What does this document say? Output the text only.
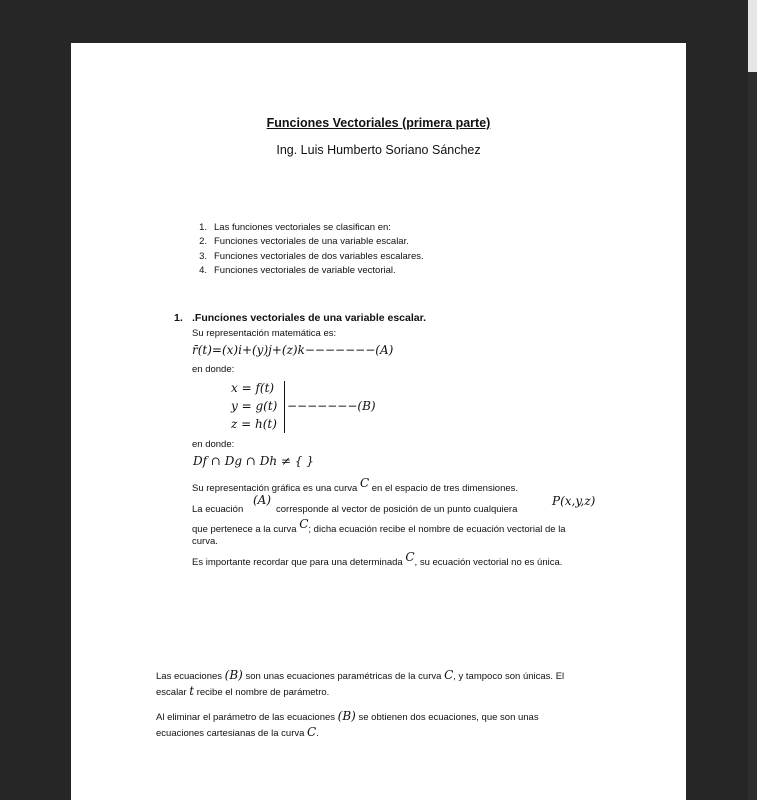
Funciones Vectoriales (primera parte)
Ing. Luis Humberto Soriano Sánchez
1. Las funciones vectoriales se clasifican en:
2. Funciones vectoriales de una variable escalar.
3. Funciones vectoriales de dos variables escalares.
4. Funciones vectoriales de variable vectorial.
1. .Funciones vectoriales de una variable escalar.
Su representación matemática es:
r̄(t)=(x)i+(y)j+(z)k−−−−−−−(A)
en donde:
x = f(t)
y = g(t)
z = h(t)
−−−−−−−(B)
en donde:
Df ∩ Dg ∩ Dh ≠ { }
Su representación gráfica es una curva C en el espacio de tres dimensiones.
La ecuación
(A)
corresponde al vector de posición de un punto cualquiera
P(x,y,z)
que pertenece a la curva C; dicha ecuación recibe el nombre de ecuación vectorial de la
curva.
Es importante recordar que para una determinada C, su ecuación vectorial no es única.
Las ecuaciones (B) son unas ecuaciones paramétricas de la curva C, y tampoco son únicas. El
escalar t recibe el nombre de parámetro.
Al eliminar el parámetro de las ecuaciones (B) se obtienen dos ecuaciones, que son unas
ecuaciones cartesianas de la curva C.
